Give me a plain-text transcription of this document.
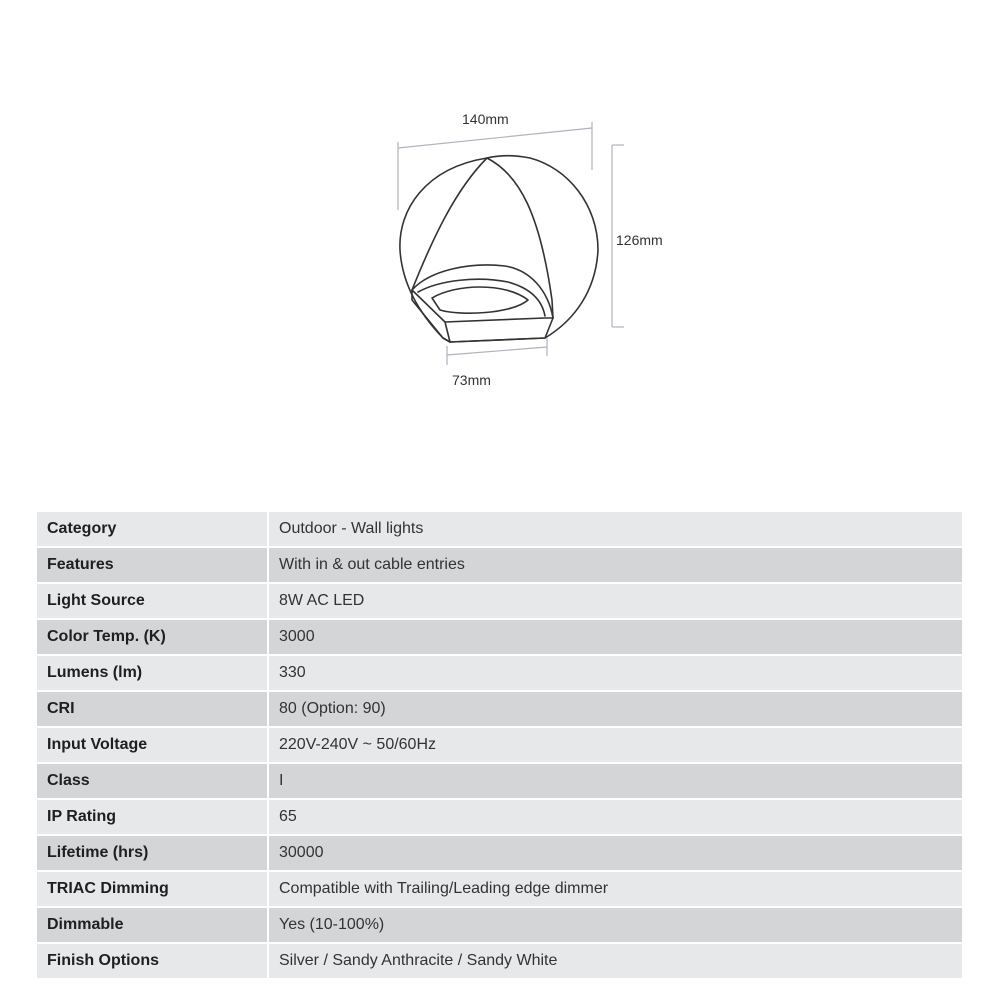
140mm
126mm
73mm
Category	Outdoor - Wall lights
Features	With in & out cable entries
Light Source	8W AC LED
Color Temp. (K)	3000
Lumens (lm)	330
CRI	80 (Option: 90)
Input Voltage	220V-240V ~ 50/60Hz
Class	I
IP Rating	65
Lifetime (hrs)	30000
TRIAC Dimming	Compatible with Trailing/Leading edge dimmer
Dimmable	Yes (10-100%)
Finish Options	Silver / Sandy Anthracite / Sandy White
